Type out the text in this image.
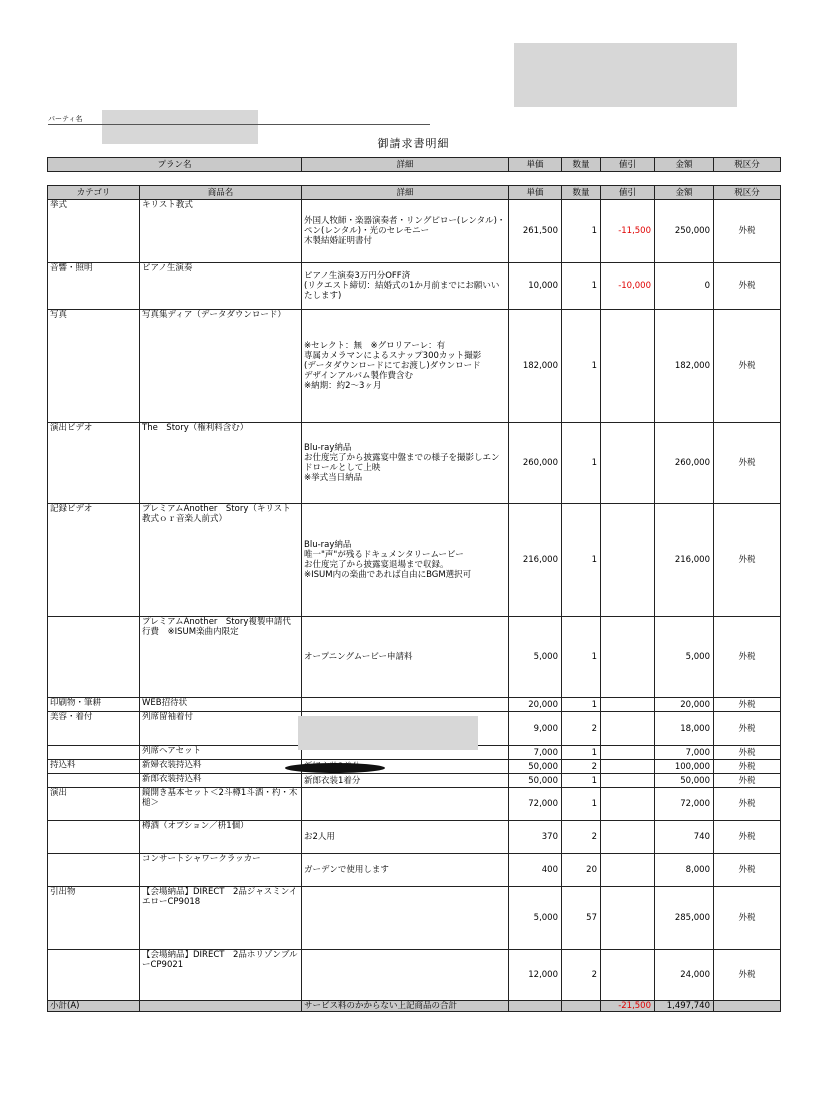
パーティ名
御請求書明細
プラン名	詳細	単価	数量	値引	金額	税区分
カテゴリ	商品名	詳細	単価	数量	値引	金額	税区分
挙式	キリスト教式	外国人牧師・楽器演奏者・リングピロー(レンタル)・ペン(レンタル)・光のセレモニー
木製結婚証明書付	261,500	1	-11,500	250,000	外税
音響・照明	ピアノ生演奏	ピアノ生演奏3万円分OFF済
(リクエスト締切：結婚式の1か月前までにお願いいたします)	10,000	1	-10,000	0	外税
写真	写真集ディア（データダウンロード）	※セレクト：無　※グロリアーレ：有
専属カメラマンによるスナップ300カット撮影
(データダウンロードにてお渡し)ダウンロード
デザインアルバム製作費含む
※納期：約2〜3ヶ月	182,000	1		182,000	外税
演出ビデオ	The　Story（権利料含む）	Blu-ray納品
お仕度完了から披露宴中盤までの様子を撮影しエンドロールとして上映
※挙式当日納品	260,000	1		260,000	外税
記録ビデオ	プレミアムAnother　Story（キリスト教式ｏｒ音楽人前式）	Blu-ray納品
唯一"声"が残るドキュメンタリームービー
お仕度完了から披露宴退場まで収録。
※ISUM内の楽曲であれば自由にBGM選択可	216,000	1		216,000	外税
	プレミアムAnother　Story複製申請代行費　※ISUM楽曲内限定	オープニングムービー申請料	5,000	1		5,000	外税
印刷物・筆耕	WEB招待状		20,000	1		20,000	外税
美容・着付	列席留袖着付		9,000	2		18,000	外税
	列席ヘアセット		7,000	1		7,000	外税
持込料	新婦衣装持込料		50,000	2		100,000	外税
	新郎衣装持込料	新郎衣装1着分	50,000	1		50,000	外税
演出	鏡開き基本セット＜2斗樽1斗酒・杓・木槌＞		72,000	1		72,000	外税
	樽酒（オプション／枡1個）	お2人用	370	2		740	外税
	コンサートシャワークラッカー	ガーデンで使用します	400	20		8,000	外税
引出物	【会場納品】DIRECT　2品ジャスミンイエローCP9018		5,000	57		285,000	外税
	【会場納品】DIRECT　2品ホリゾンブルーCP9021		12,000	2		24,000	外税
小計(A)		サービス料のかからない上記商品の合計			-21,500	1,497,740	
